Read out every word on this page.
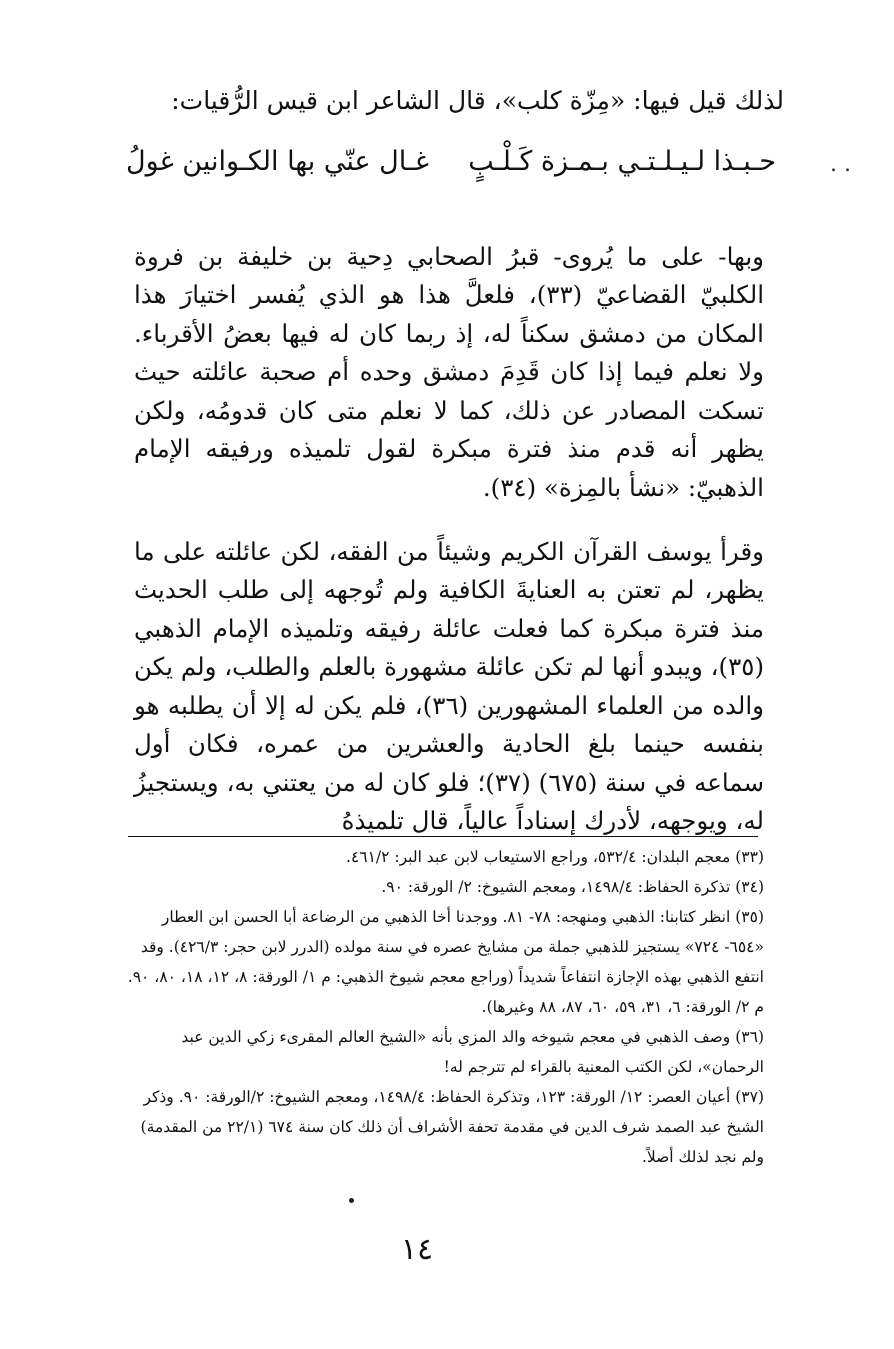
لذلك قيل فيها: «مِزّة كلب»، قال الشاعر ابن قيس الرُّقيات:
حـبـذا لـيـلـتـي بـمـزة كَـلْـبٍ
غـال عنّي بها الكـوانين غولُ	. .

وبها- على ما يُروى- قبرُ الصحابي دِحية بن خليفة بن فروة الكلبيّ القضاعيّ (٣٣)، فلعلَّ هذا هو الذي يُفسر اختيارَ هذا المكان من دمشق سكناً له، إذ ربما كان له فيها بعضُ الأقرباء. ولا نعلم فيما إذا كان قَدِمَ دمشق وحده أم صحبة عائلته حيث تسكت المصادر عن ذلك، كما لا نعلم متى كان قدومُه، ولكن يظهر أنه قدم منذ فترة مبكرة لقول تلميذه ورفيقه الإمام الذهبيّ: «نشأ بالمِزة» (٣٤).

وقرأ يوسف القرآن الكريم وشيئاً من الفقه، لكن عائلته على ما يظهر، لم تعتن به العنايةَ الكافية ولم تُوجهه إلى طلب الحديث منذ فترة مبكرة كما فعلت عائلة رفيقه وتلميذه الإمام الذهبي (٣٥)، ويبدو أنها لم تكن عائلة مشهورة بالعلم والطلب، ولم يكن والده من العلماء المشهورين (٣٦)، فلم يكن له إلا أن يطلبه هو بنفسه حينما بلغ الحادية والعشرين من عمره، فكان أول سماعه في سنة (٦٧٥) (٣٧)؛ فلو كان له من يعتني به، ويستجيزُ له، ويوجهه، لأدرك إسناداً عالياً، قال تلميذهُ

(٣٣) معجم البلدان: ٥٣٢/٤، وراجع الاستيعاب لابن عبد البر: ٤٦١/٢.

(٣٤) تذكرة الحفاظ: ١٤٩٨/٤، ومعجم الشيوخ: ٢/ الورقة: ٩٠.

(٣٥) انظر كتابنا: الذهبي ومنهجه: ٧٨- ٨١. ووجدنا أخا الذهبي من الرضاعة أبا الحسن ابن العطار «٦٥٤- ٧٢٤» يستجيز للذهبي جملة من مشايخ عصره في سنة مولده (الدرر لابن حجر: ٤٢٦/٣). وقد انتفع الذهبي بهذه الإجازة انتفاعاً شديداً (وراجع معجم شيوخ الذهبي: م ١/ الورقة: ٨، ١٢، ١٨، ٨٠، ٩٠. م ٢/ الورقة: ٦، ٣١، ٥٩، ٦٠، ٨٧، ٨٨ وغيرها).

(٣٦) وصف الذهبي في معجم شيوخه والد المزي بأنه «الشيخ العالم المقرىء زكي الدين عبد الرحمان»، لكن الكتب المعنية بالقراء لم تترجم له!

(٣٧) أعيان العصر: ١٢/ الورقة: ١٢٣، وتذكرة الحفاظ: ١٤٩٨/٤، ومعجم الشيوخ: ٢/الورقة: ٩٠. وذكر الشيخ عبد الصمد شرف الدين في مقدمة تحفة الأشراف أن ذلك كان سنة ٦٧٤ (٢٢/١ من المقدمة) ولم نجد لذلك أصلاً.

١٤
